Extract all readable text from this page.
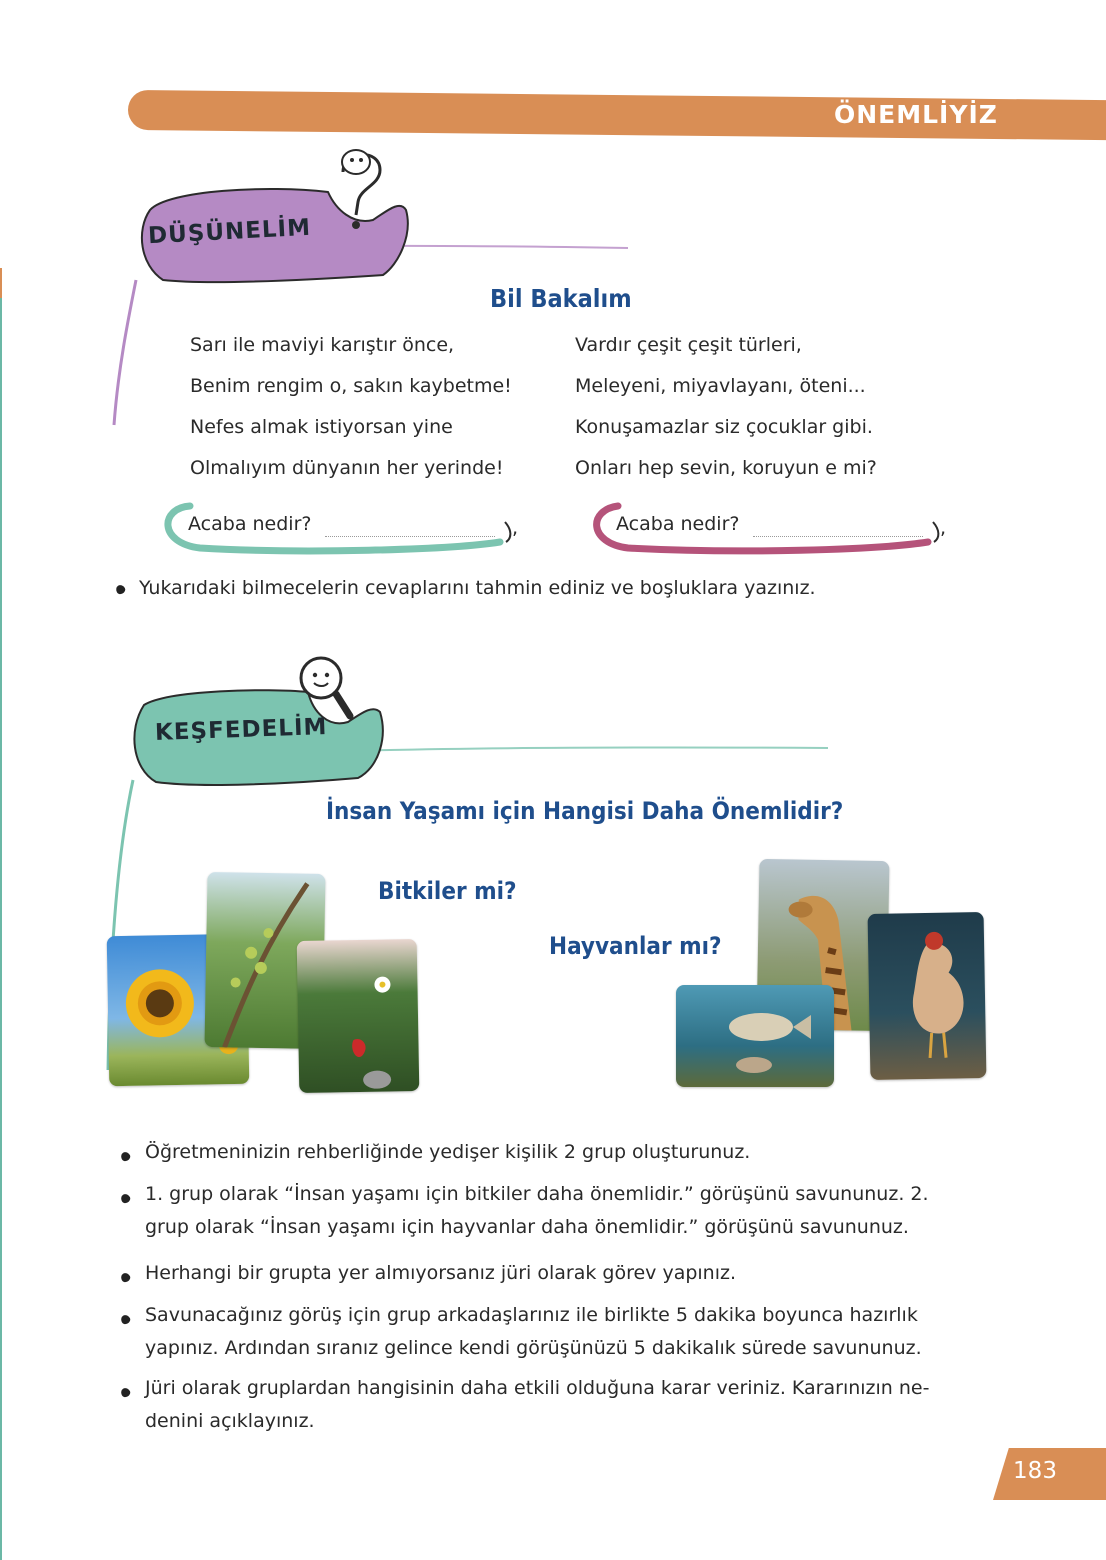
ÖNEMLİYİZ
DÜŞÜNELİM
Bil Bakalım
Sarı ile maviyi karıştır önce,
Benim rengim o, sakın kaybetme!
Nefes almak istiyorsan yine
Olmalıyım dünyanın her yerinde!
Vardır çeşit çeşit türleri,
Meleyeni, miyavlayanı, öteni...
Konuşamazlar siz çocuklar gibi.
Onları hep sevin, koruyun e mi?
Acaba nedir?	,	Acaba nedir?	,
Yukarıdaki bilmecelerin cevaplarını tahmin ediniz ve boşluklara yazınız.
KEŞFEDELİM
İnsan Yaşamı için Hangisi Daha Önemlidir?
Bitkiler mi?
Hayvanlar mı?
Öğretmeninizin rehberliğinde yedişer kişilik 2 grup oluşturunuz.
1. grup olarak “İnsan yaşamı için bitkiler daha önemlidir.” görüşünü savununuz. 2.
grup olarak “İnsan yaşamı için hayvanlar daha önemlidir.” görüşünü savununuz.
Herhangi bir grupta yer almıyorsanız jüri olarak görev yapınız.
Savunacağınız görüş için grup arkadaşlarınız ile birlikte 5 dakika boyunca hazırlık
yapınız. Ardından sıranız gelince kendi görüşünüzü 5 dakikalık sürede savununuz.
Jüri olarak gruplardan hangisinin daha etkili olduğuna karar veriniz. Kararınızın ne-
denini açıklayınız.
183
